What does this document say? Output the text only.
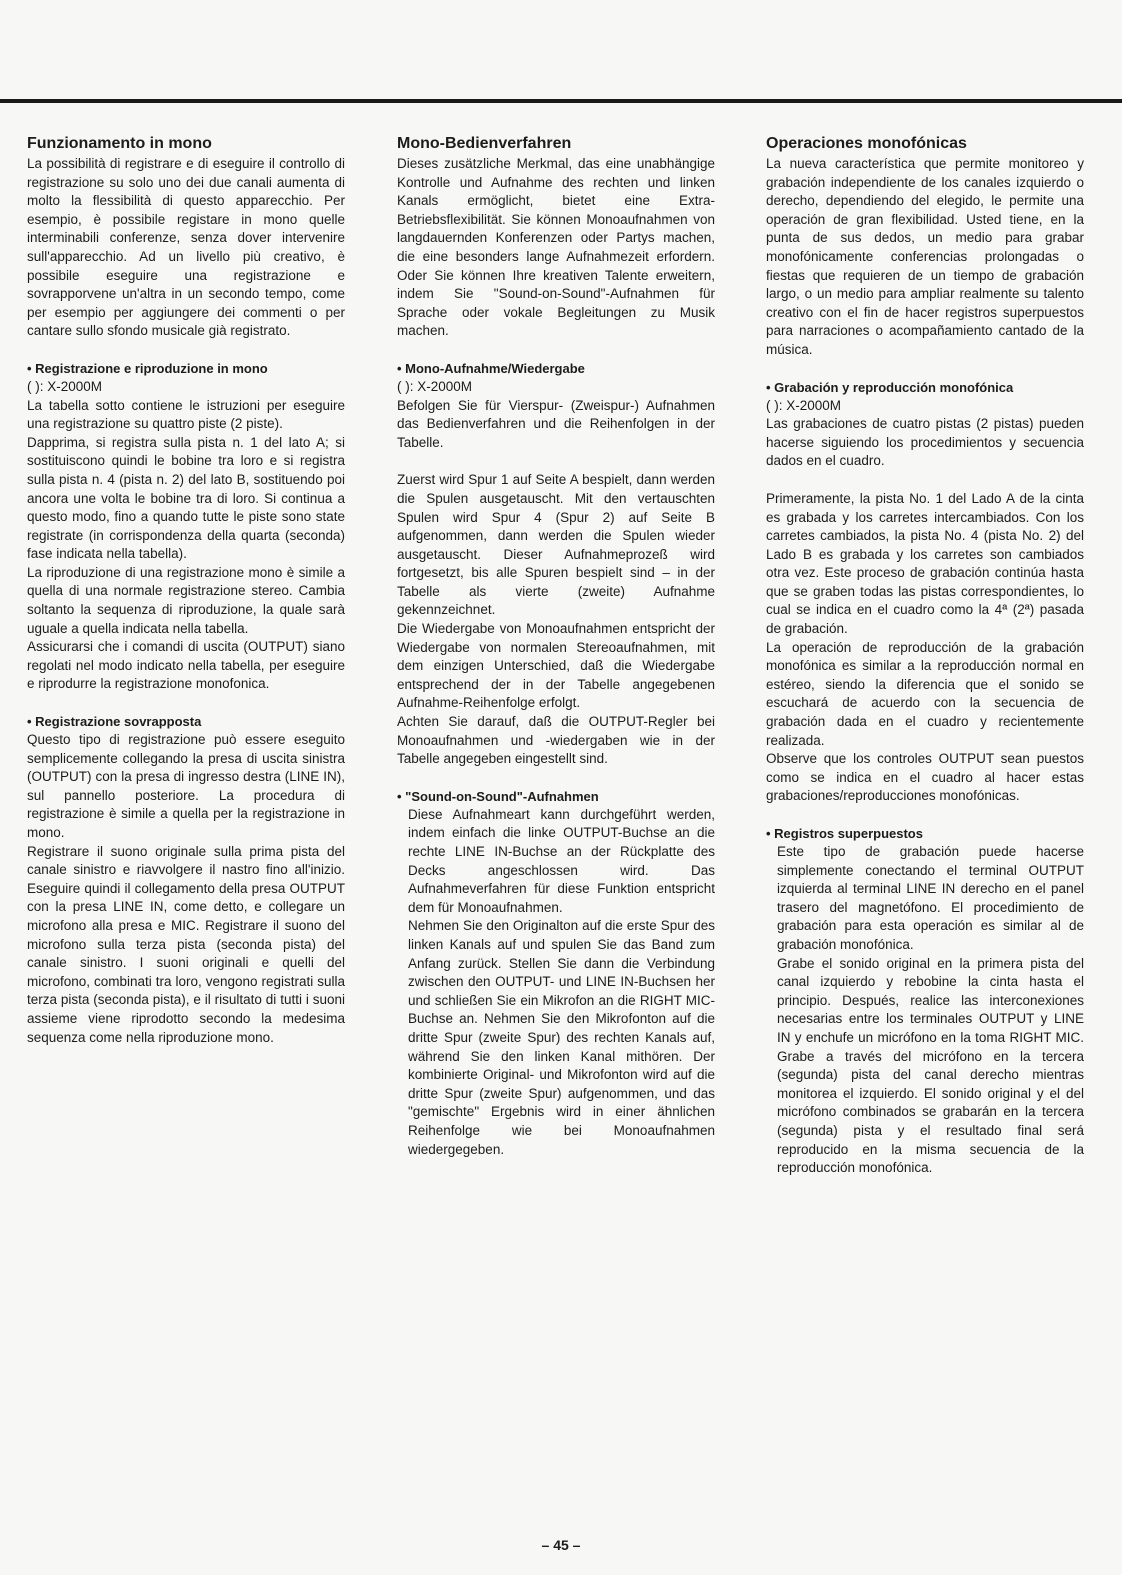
Funzionamento in mono

La possibilità di registrare e di eseguire il controllo di registrazione su solo uno dei due canali aumenta di molto la flessibilità di questo apparecchio. Per esempio, è possibile registare in mono quelle interminabili conferenze, senza dover intervenire sull'apparecchio. Ad un livello più creativo, è possibile eseguire una registrazione e sovrapporvene un'altra in un secondo tempo, come per esempio per aggiungere dei commenti o per cantare sullo sfondo musicale già registrato.

• Registrazione e riproduzione in mono

( ): X-2000M

La tabella sotto contiene le istruzioni per eseguire una registrazione su quattro piste (2 piste).

Dapprima, si registra sulla pista n. 1 del lato A; si sostituiscono quindi le bobine tra loro e si registra sulla pista n. 4 (pista n. 2) del lato B, sostituendo poi ancora une volta le bobine tra di loro. Si continua a questo modo, fino a quando tutte le piste sono state registrate (in corrispondenza della quarta (seconda) fase indicata nella tabella).

La riproduzione di una registrazione mono è simile a quella di una normale registrazione stereo. Cambia soltanto la sequenza di riproduzione, la quale sarà uguale a quella indicata nella tabella.

Assicurarsi che i comandi di uscita (OUTPUT) siano regolati nel modo indicato nella tabella, per eseguire e riprodurre la registrazione monofonica.

• Registrazione sovrapposta

Questo tipo di registrazione può essere eseguito semplicemente collegando la presa di uscita sinistra (OUTPUT) con la presa di ingresso destra (LINE IN), sul pannello posteriore. La procedura di registrazione è simile a quella per la registrazione in mono.

Registrare il suono originale sulla prima pista del canale sinistro e riavvolgere il nastro fino all'inizio. Eseguire quindi il collegamento della presa OUTPUT con la presa LINE IN, come detto, e collegare un microfono alla presa e MIC. Registrare il suono del microfono sulla terza pista (seconda pista) del canale sinistro. I suoni originali e quelli del microfono, combinati tra loro, vengono registrati sulla terza pista (seconda pista), e il risultato di tutti i suoni assieme viene riprodotto secondo la medesima sequenza come nella riproduzione mono.

Mono-Bedienverfahren

Dieses zusätzliche Merkmal, das eine unabhängige Kontrolle und Aufnahme des rechten und linken Kanals ermöglicht, bietet eine Extra-Betriebsflexibilität. Sie können Monoaufnahmen von langdauernden Konferenzen oder Partys machen, die eine besonders lange Aufnahmezeit erfordern. Oder Sie können Ihre kreativen Talente erweitern, indem Sie "Sound-on-Sound"-Aufnahmen für Sprache oder vokale Begleitungen zu Musik machen.

• Mono-Aufnahme/Wiedergabe

( ): X-2000M

Befolgen Sie für Vierspur- (Zweispur-) Aufnahmen das Bedienverfahren und die Reihenfolgen in der Tabelle.

Zuerst wird Spur 1 auf Seite A bespielt, dann werden die Spulen ausgetauscht. Mit den vertauschten Spulen wird Spur 4 (Spur 2) auf Seite B aufgenommen, dann werden die Spulen wieder ausgetauscht. Dieser Aufnahmeprozeß wird fortgesetzt, bis alle Spuren bespielt sind – in der Tabelle als vierte (zweite) Aufnahme gekennzeichnet.

Die Wiedergabe von Monoaufnahmen entspricht der Wiedergabe von normalen Stereoaufnahmen, mit dem einzigen Unterschied, daß die Wiedergabe entsprechend der in der Tabelle angegebenen Aufnahme-Reihenfolge erfolgt.

Achten Sie darauf, daß die OUTPUT-Regler bei Monoaufnahmen und -wiedergaben wie in der Tabelle angegeben eingestellt sind.

• "Sound-on-Sound"-Aufnahmen

Diese Aufnahmeart kann durchgeführt werden, indem einfach die linke OUTPUT-Buchse an die rechte LINE IN-Buchse an der Rückplatte des Decks angeschlossen wird. Das Aufnahmeverfahren für diese Funktion entspricht dem für Monoaufnahmen.

Nehmen Sie den Originalton auf die erste Spur des linken Kanals auf und spulen Sie das Band zum Anfang zurück. Stellen Sie dann die Verbindung zwischen den OUTPUT- und LINE IN-Buchsen her und schließen Sie ein Mikrofon an die RIGHT MIC-Buchse an. Nehmen Sie den Mikrofonton auf die dritte Spur (zweite Spur) des rechten Kanals auf, während Sie den linken Kanal mithören. Der kombinierte Original- und Mikrofonton wird auf die dritte Spur (zweite Spur) aufgenommen, und das "gemischte" Ergebnis wird in einer ähnlichen Reihenfolge wie bei Monoaufnahmen wiedergegeben.

Operaciones monofónicas

La nueva característica que permite monitoreo y grabación independiente de los canales izquierdo o derecho, dependiendo del elegido, le permite una operación de gran flexibilidad. Usted tiene, en la punta de sus dedos, un medio para grabar monofónicamente conferencias prolongadas o fiestas que requieren de un tiempo de grabación largo, o un medio para ampliar realmente su talento creativo con el fin de hacer registros superpuestos para narraciones o acompañamiento cantado de la música.

• Grabación y reproducción monofónica

( ): X-2000M

Las grabaciones de cuatro pistas (2 pistas) pueden hacerse siguiendo los procedimientos y secuencia dados en el cuadro.

Primeramente, la pista No. 1 del Lado A de la cinta es grabada y los carretes intercambiados. Con los carretes cambiados, la pista No. 4 (pista No. 2) del Lado B es grabada y los carretes son cambiados otra vez. Este proceso de grabación continúa hasta que se graben todas las pistas correspondientes, lo cual se indica en el cuadro como la 4ª (2ª) pasada de grabación.

La operación de reproducción de la grabación monofónica es similar a la reproducción normal en estéreo, siendo la diferencia que el sonido se escuchará de acuerdo con la secuencia de grabación dada en el cuadro y recientemente realizada.

Observe que los controles OUTPUT sean puestos como se indica en el cuadro al hacer estas grabaciones/reproducciones monofónicas.

• Registros superpuestos

Este tipo de grabación puede hacerse simplemente conectando el terminal OUTPUT izquierda al terminal LINE IN derecho en el panel trasero del magnetófono. El procedimiento de grabación para esta operación es similar al de grabación monofónica.

Grabe el sonido original en la primera pista del canal izquierdo y rebobine la cinta hasta el principio. Después, realice las interconexiones necesarias entre los terminales OUTPUT y LINE IN y enchufe un micrófono en la toma RIGHT MIC. Grabe a través del micrófono en la tercera (segunda) pista del canal derecho mientras monitorea el izquierdo. El sonido original y el del micrófono combinados se grabarán en la tercera (segunda) pista y el resultado final será reproducido en la misma secuencia de la reproducción monofónica.

– 45 –
